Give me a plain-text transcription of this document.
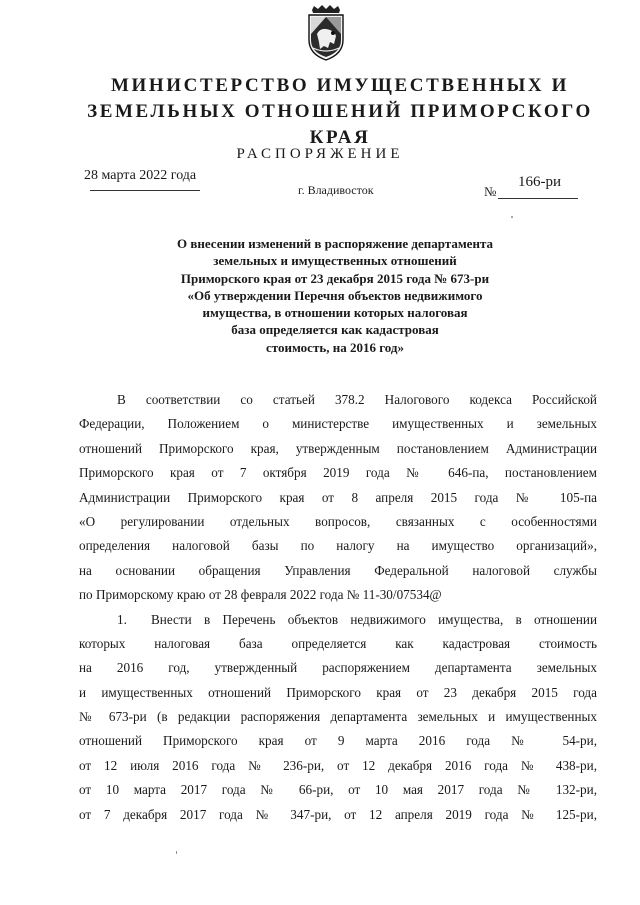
МИНИСТЕРСТВО ИМУЩЕСТВЕННЫХ И
ЗЕМЕЛЬНЫХ ОТНОШЕНИЙ ПРИМОРСКОГО КРАЯ
РАСПОРЯЖЕНИЕ
28 марта 2022 года
г. Владивосток	№
166-ри
О внесении изменений в распоряжение департамента
земельных и имущественных отношений
Приморского края от 23 декабря 2015 года № 673-ри
«Об утверждении Перечня объектов недвижимого
имущества, в отношении которых налоговая
база определяется как кадастровая
стоимость, на 2016 год»
В соответствии со статьей 378.2 Налогового кодекса Российской
Федерации, Положением о министерстве имущественных и земельных
отношений Приморского края, утвержденным постановлением Администрации
Приморского края от 7 октября 2019 года № 646-па, постановлением
Администрации Приморского края от 8 апреля 2015 года № 105-па
«О регулировании отдельных вопросов, связанных с особенностями
определения налоговой базы по налогу на имущество организаций»,
на основании обращения Управления Федеральной налоговой службы
по Приморскому краю от 28 февраля 2022 года № 11-30/07534@
1. Внести в Перечень объектов недвижимого имущества, в отношении
которых налоговая база определяется как кадастровая стоимость
на 2016 год, утвержденный распоряжением департамента земельных
и имущественных отношений Приморского края от 23 декабря 2015 года
№ 673-ри (в редакции распоряжения департамента земельных и имущественных
отношений Приморского края от 9 марта 2016 года № 54-ри,
от 12 июля 2016 года № 236-ри, от 12 декабря 2016 года № 438-ри,
от 10 марта 2017 года № 66-ри, от 10 мая 2017 года № 132-ри,
от 7 декабря 2017 года № 347-ри, от 12 апреля 2019 года № 125-ри,
